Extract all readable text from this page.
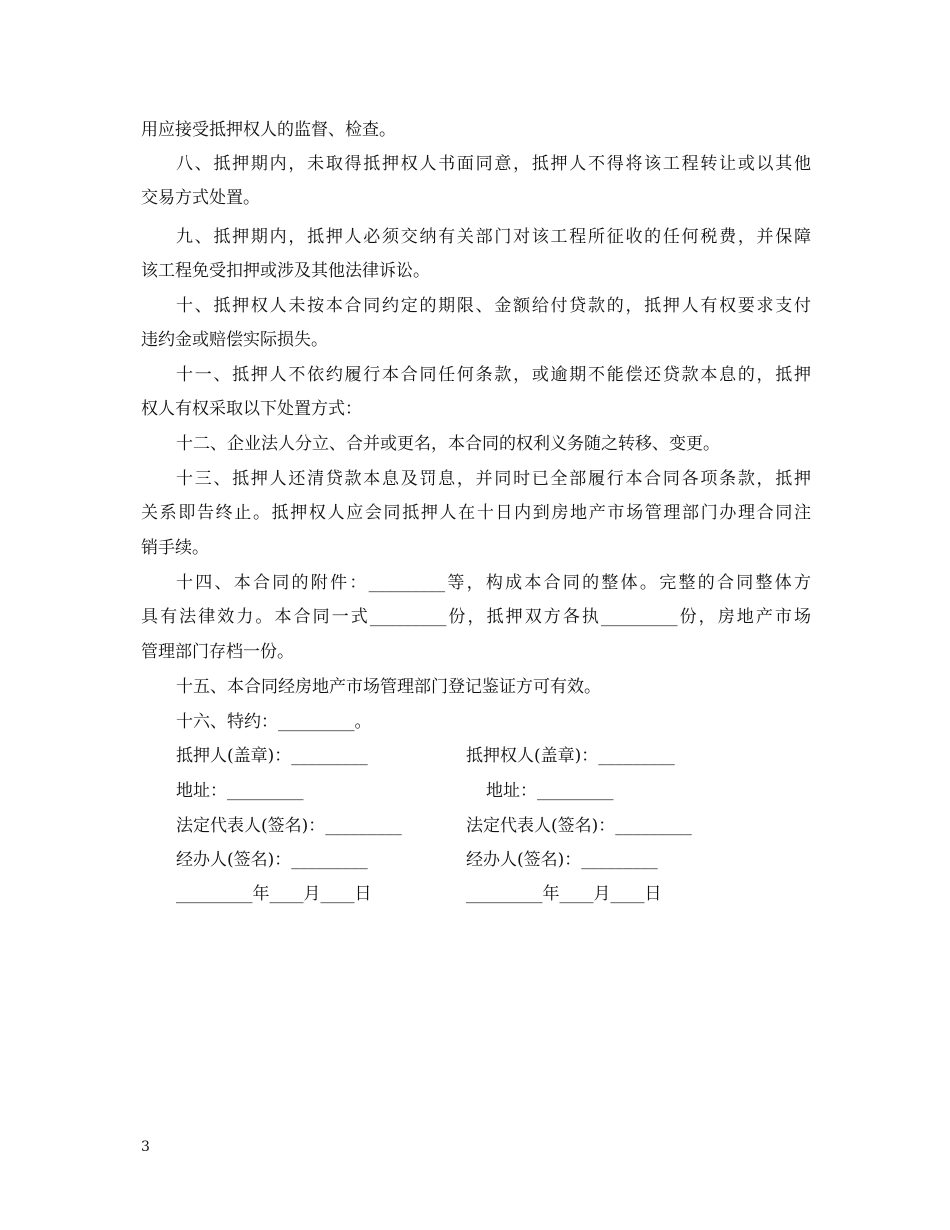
用应接受抵押权人的监督、检查。
八、抵押期内，未取得抵押权人书面同意，抵押人不得将该工程转让或以其他
交易方式处置。
九、抵押期内，抵押人必须交纳有关部门对该工程所征收的任何税费，并保障
该工程免受扣押或涉及其他法律诉讼。
十、抵押权人未按本合同约定的期限、金额给付贷款的，抵押人有权要求支付
违约金或赔偿实际损失。
十一、抵押人不依约履行本合同任何条款，或逾期不能偿还贷款本息的，抵押
权人有权采取以下处置方式：
十二、企业法人分立、合并或更名，本合同的权利义务随之转移、变更。
十三、抵押人还清贷款本息及罚息，并同时已全部履行本合同各项条款，抵押
关系即告终止。抵押权人应会同抵押人在十日内到房地产市场管理部门办理合同注
销手续。
十四、本合同的附件：_________等，构成本合同的整体。完整的合同整体方
具有法律效力。本合同一式_________份，抵押双方各执_________份，房地产市场
管理部门存档一份。
十五、本合同经房地产市场管理部门登记鉴证方可有效。
十六、特约：_________。
抵押人(盖章)：_________
地址：_________
法定代表人(签名)：_________
经办人(签名)：_________
_________年____月____日
抵押权人(盖章)：_________
地址：_________
法定代表人(签名)：_________
经办人(签名)：_________
_________年____月____日
3
